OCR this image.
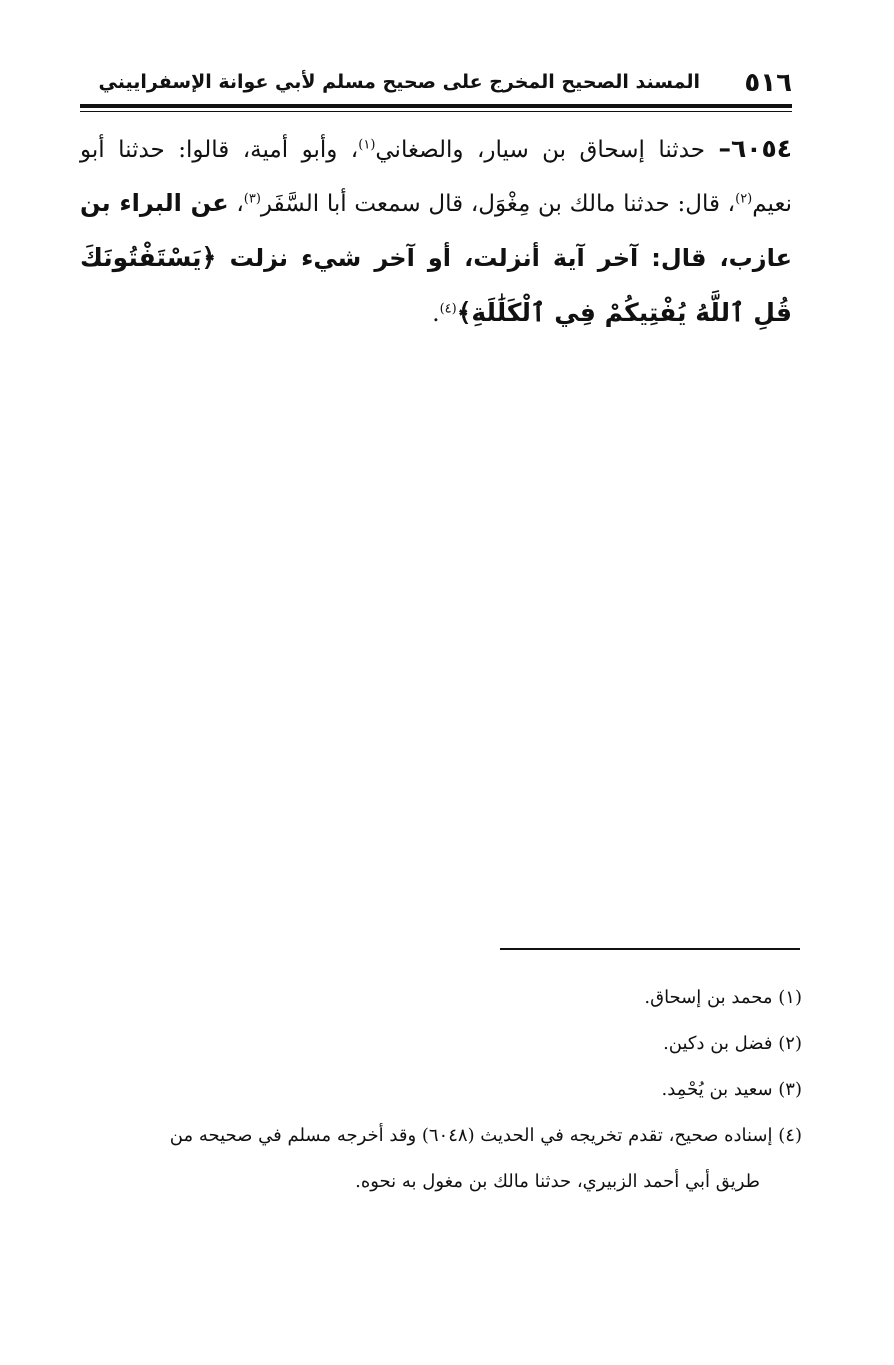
٥١٦
المسند الصحيح المخرج على صحيح مسلم لأبي عوانة الإسفراييني
٦٠٥٤– حدثنا إسحاق بن سيار، والصغاني$^{(١)}$، وأبو أمية، قالوا: حدثنا أبو نعيم$^{(٢)}$، قال: حدثنا مالك بن مِغْوَل، قال سمعت أبا السَّفَر$^{(٣)}$، عن البراء بن عازب، قال: آخر آية أنزلت، أو آخر شيء نزلت ﴿يَسْتَفْتُونَكَ قُلِ ٱللَّهُ يُفْتِيكُمْ فِي ٱلْكَلَٰلَةِ﴾$^{(٤)}$.

(١) محمد بن إسحاق.

(٢) فضل بن دكين.

(٣) سعيد بن يُحْمِد.

(٤) إسناده صحيح، تقدم تخريجه في الحديث (٦٠٤٨) وقد أخرجه مسلم في صحيحه من
طريق أبي أحمد الزبيري، حدثنا مالك بن مغول به نحوه.
